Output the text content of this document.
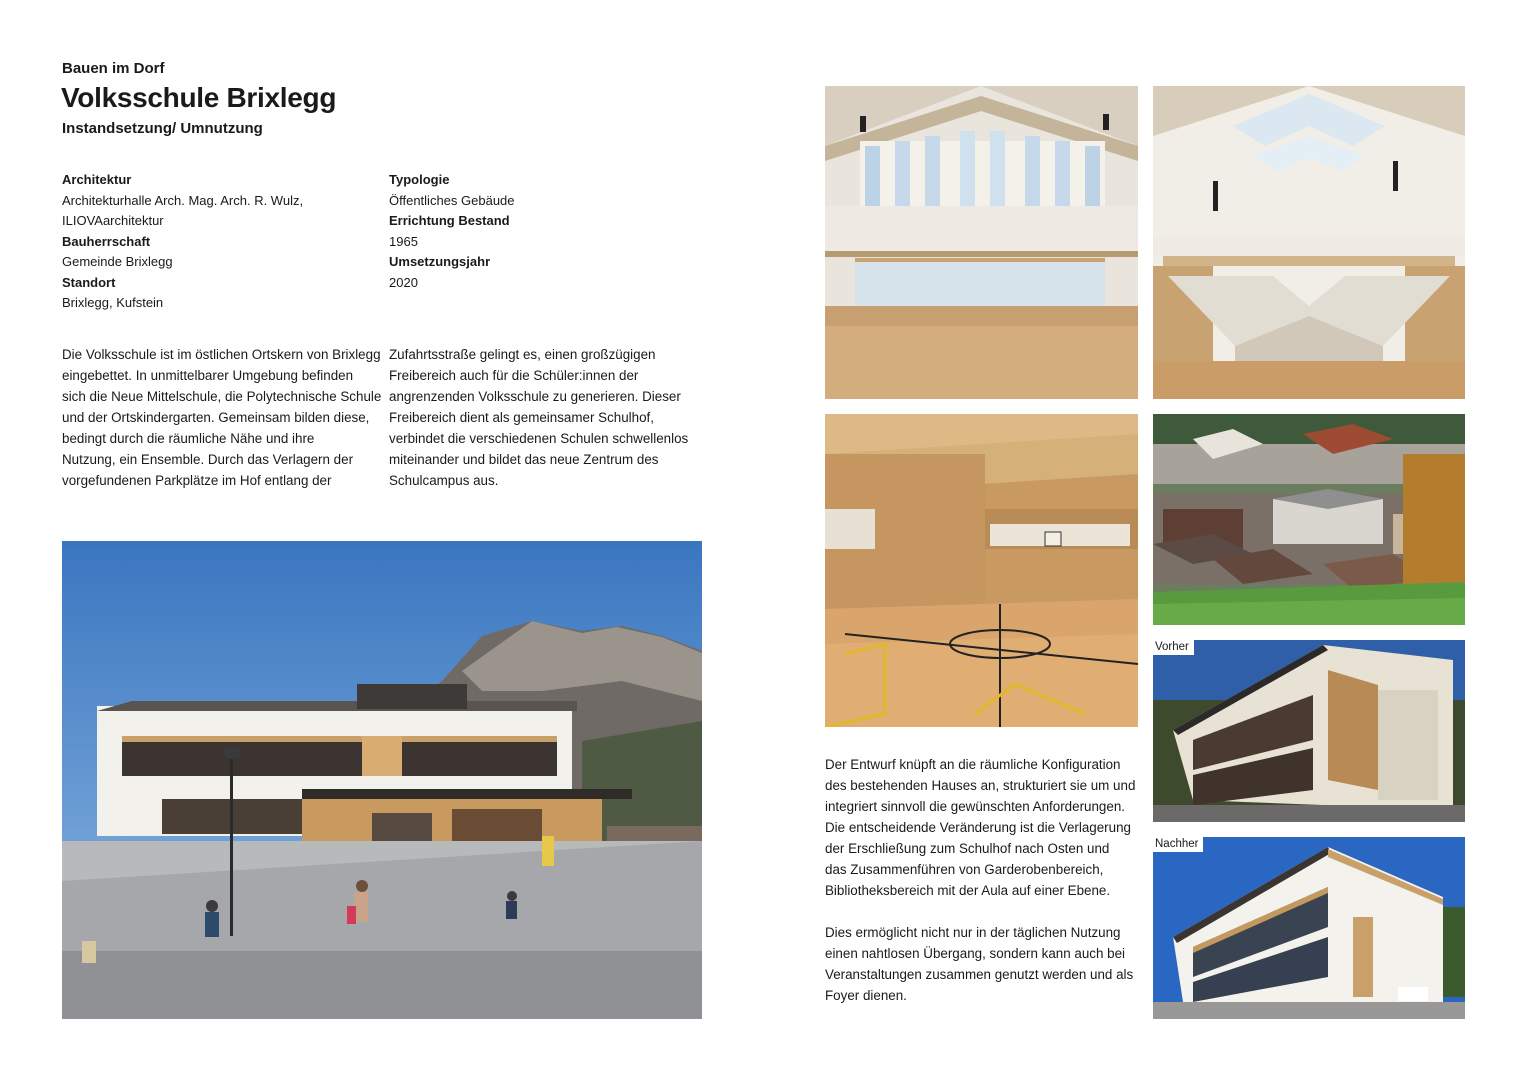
Bauen im Dorf
Volksschule Brixlegg
Instandsetzung/ Umnutzung
Architektur
Architekturhalle Arch. Mag. Arch. R. Wulz,
ILIOVAarchitektur
Bauherrschaft
Gemeinde Brixlegg
Standort
Brixlegg, Kufstein
Typologie
Öffentliches Gebäude
Errichtung Bestand
1965
Umsetzungsjahr
2020
Die Volksschule ist im östlichen Ortskern von Brixlegg
eingebettet. In unmittelbarer Umgebung befinden
sich die Neue Mittelschule, die Polytechnische Schule
und der Ortskindergarten. Gemeinsam bilden diese,
bedingt durch die räumliche Nähe und ihre
Nutzung, ein Ensemble. Durch das Verlagern der
vorgefundenen Parkplätze im Hof entlang der
Zufahrtsstraße gelingt es, einen großzügigen
Freibereich auch für die Schüler:innen der
angrenzenden Volksschule zu generieren. Dieser
Freibereich dient als gemeinsamer Schulhof,
verbindet die verschiedenen Schulen schwellenlos
miteinander und bildet das neue Zentrum des
Schulcampus aus.
Der Entwurf knüpft an die räumliche Konfiguration
des bestehenden Hauses an, strukturiert sie um und
integriert sinnvoll die gewünschten Anforderungen.
Die entscheidende Veränderung ist die Verlagerung
der Erschließung zum Schulhof nach Osten und
das Zusammenführen von Garderobenbereich,
Bibliotheksbereich mit der Aula auf einer Ebene.
Dies ermöglicht nicht nur in der täglichen Nutzung
einen nahtlosen Übergang, sondern kann auch bei
Veranstaltungen zusammen genutzt werden und als
Foyer dienen.
Vorher
Nachher
